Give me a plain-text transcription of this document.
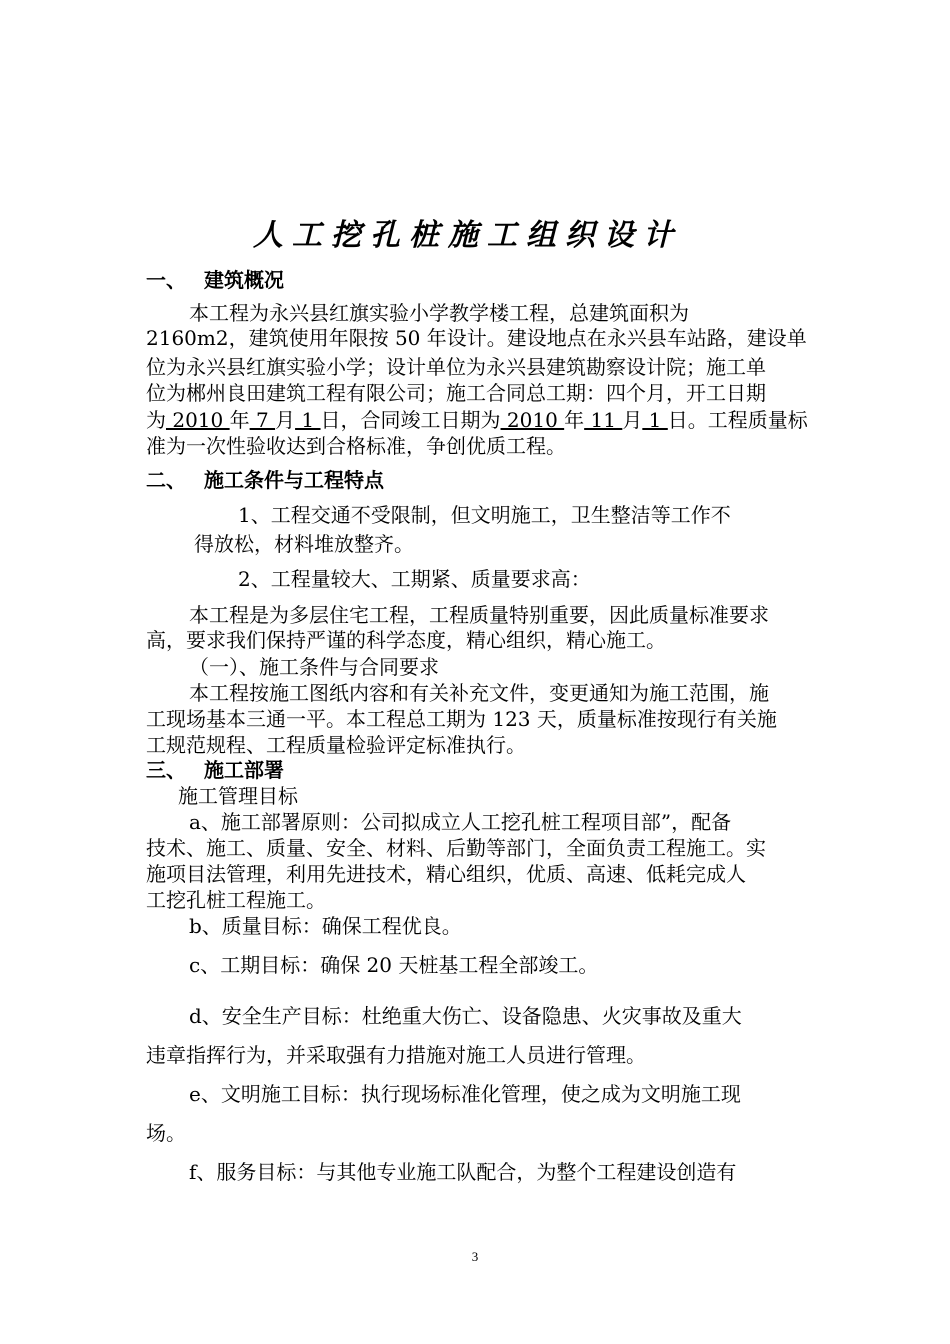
人工挖孔桩施工组织设计
一、 建筑概况
本工程为永兴县红旗实验小学教学楼工程，总建筑面积为
2160m2，建筑使用年限按 50 年设计。建设地点在永兴县车站路，建设单
位为永兴县红旗实验小学；设计单位为永兴县建筑勘察设计院；施工单
位为郴州良田建筑工程有限公司；施工合同总工期：四个月，开工日期
为 2010 年 7 月 1 日，合同竣工日期为 2010 年 11 月 1 日。工程质量标
准为一次性验收达到合格标准，争创优质工程。
二、 施工条件与工程特点
1、工程交通不受限制，但文明施工，卫生整洁等工作不
得放松，材料堆放整齐。
2、工程量较大、工期紧、质量要求高：
本工程是为多层住宅工程，工程质量特别重要，因此质量标准要求
高，要求我们保持严谨的科学态度，精心组织，精心施工。
（一）、施工条件与合同要求
本工程按施工图纸内容和有关补充文件，变更通知为施工范围，施
工现场基本三通一平。本工程总工期为 123 天，质量标准按现行有关施
工规范规程、工程质量检验评定标准执行。
三、 施工部署
施工管理目标
a、施工部署原则：公司拟成立人工挖孔桩工程项目部”，配备
技术、施工、质量、安全、材料、后勤等部门，全面负责工程施工。实
施项目法管理，利用先进技术，精心组织，优质、高速、低耗完成人
工挖孔桩工程施工。
b、质量目标：确保工程优良。
c、工期目标：确保 20 天桩基工程全部竣工。
d、安全生产目标：杜绝重大伤亡、设备隐患、火灾事故及重大
违章指挥行为，并采取强有力措施对施工人员进行管理。
e、文明施工目标：执行现场标准化管理，使之成为文明施工现
场。
f、服务目标：与其他专业施工队配合，为整个工程建设创造有
3
